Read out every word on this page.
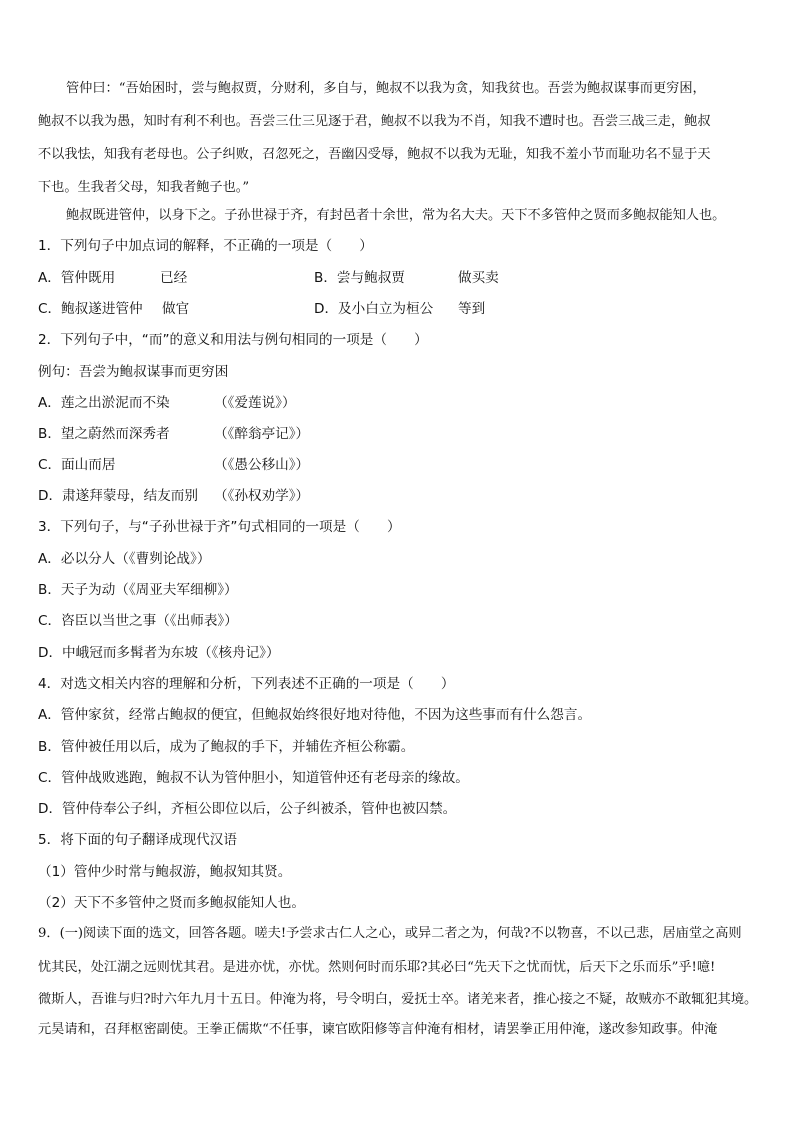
管仲曰：“吾始困时，尝与鲍叔贾，分财利，多自与，鲍叔不以我为贪，知我贫也。吾尝为鲍叔谋事而更穷困，
鲍叔不以我为愚，知时有利不利也。吾尝三仕三见逐于君，鲍叔不以我为不肖，知我不遭时也。吾尝三战三走，鲍叔
不以我怯，知我有老母也。公子纠败，召忽死之，吾幽囚受辱，鲍叔不以我为无耻，知我不羞小节而耻功名不显于天
下也。生我者父母，知我者鲍子也。”
鲍叔既进管仲，以身下之。子孙世禄于齐，有封邑者十余世，常为名大夫。天下不多管仲之贤而多鲍叔能知人也。
1．下列句子中加点词的解释，不正确的一项是（　　）
A．管仲既用	已经	B．尝与鲍叔贾	做买卖
C．鲍叔遂进管仲 做官	D．及小白立为桓公 等到
2．下列句子中，“而”的意义和用法与例句相同的一项是（　　）
例句：吾尝为鲍叔谋事而更穷困
A．莲之出淤泥而不染	（《爱莲说》）
B．望之蔚然而深秀者	（《醉翁亭记》）
C．面山而居	（《愚公移山》）
D．肃遂拜蒙母，结友而别 （《孙权劝学》）
3．下列句子，与“子孙世禄于齐”句式相同的一项是（　　）
A．必以分人（《曹刿论战》）
B．天子为动（《周亚夫军细柳》）
C．咨臣以当世之事（《出师表》）
D．中峨冠而多髯者为东坡（《核舟记》）
4．对选文相关内容的理解和分析，下列表述不正确的一项是（　　）
A．管仲家贫，经常占鲍叔的便宜，但鲍叔始终很好地对待他，不因为这些事而有什么怨言。
B．管仲被任用以后，成为了鲍叔的手下，并辅佐齐桓公称霸。
C．管仲战败逃跑，鲍叔不认为管仲胆小，知道管仲还有老母亲的缘故。
D．管仲侍奉公子纠，齐桓公即位以后，公子纠被杀，管仲也被囚禁。
5．将下面的句子翻译成现代汉语
（1）管仲少时常与鲍叔游，鲍叔知其贤。
（2）天下不多管仲之贤而多鲍叔能知人也。
9．(一)阅读下面的选文，回答各题。嗟夫!予尝求古仁人之心，或异二者之为，何哉?不以物喜，不以己悲，居庙堂之高则
忧其民，处江湖之远则忧其君。是进亦忧，亦忧。然则何时而乐耶?其必曰“先天下之忧而忧，后天下之乐而乐”乎!噫!
微斯人，吾谁与归?时六年九月十五日。仲淹为将，号令明白，爱抚士卒。诸羌来者，推心接之不疑，故贼亦不敢辄犯其境。
元昊请和，召拜枢密副使。王拳正儒欺“不任事，谏官欧阳修等言仲淹有相材，请罢拳正用仲淹，遂改参知政事。仲淹
